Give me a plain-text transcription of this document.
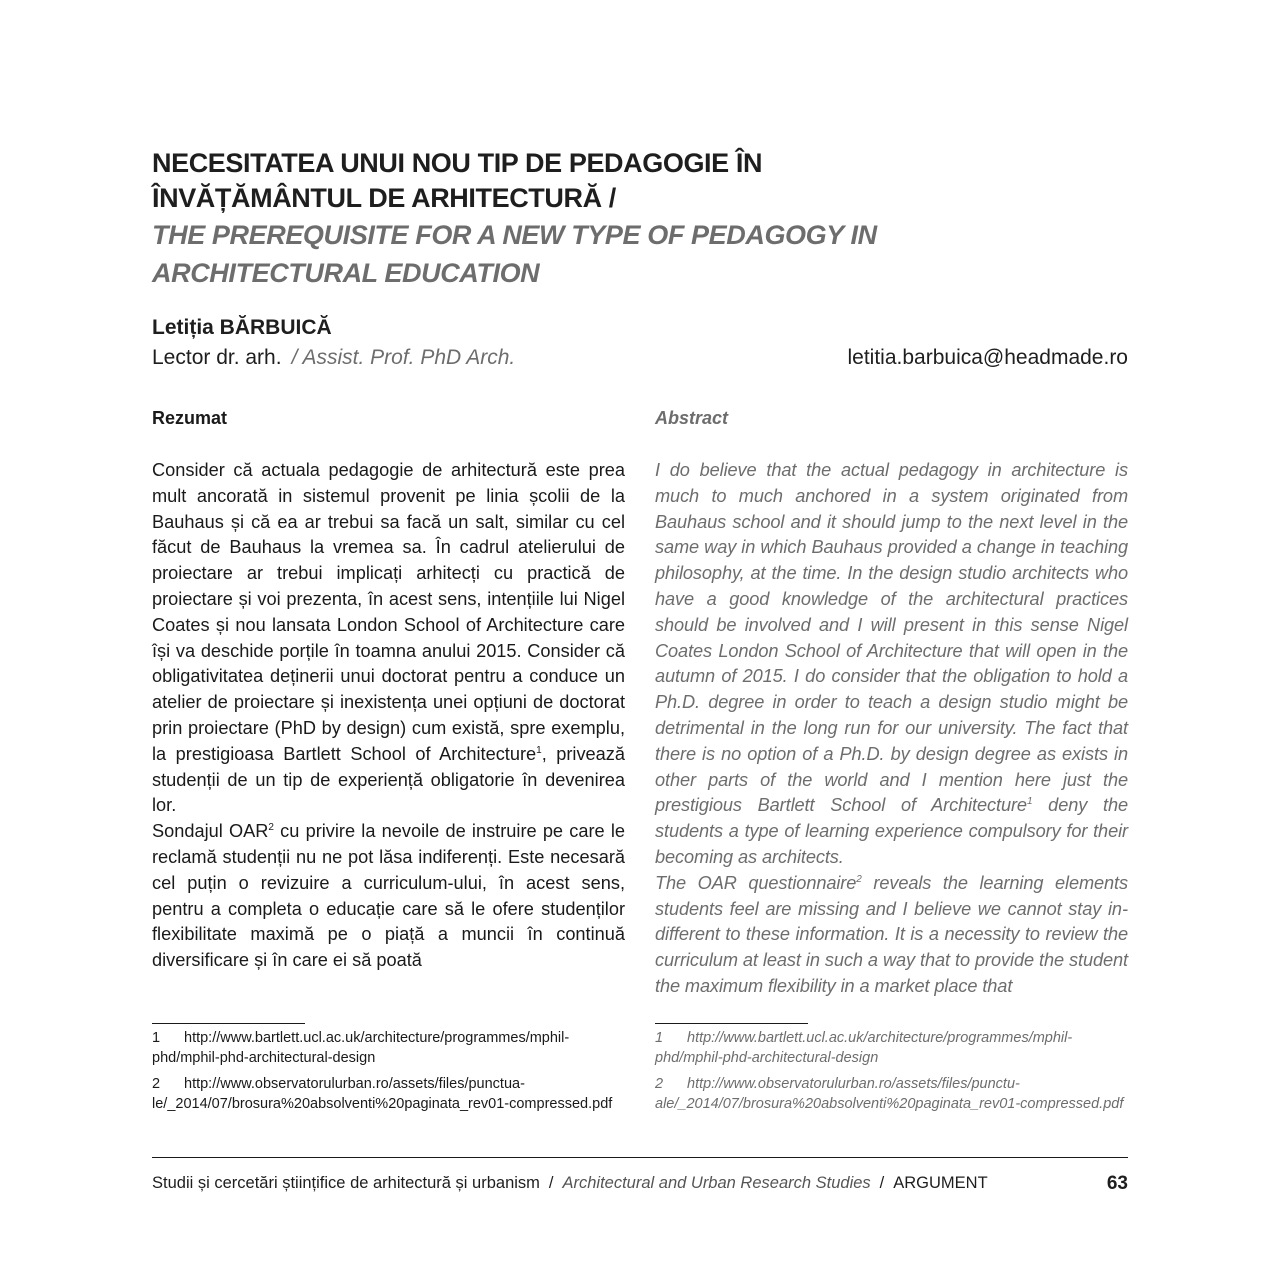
NECESITATEA UNUI NOU TIP DE PEDAGOGIE ÎN
ÎNVĂȚĂMÂNTUL DE ARHITECTURĂ /
THE PREREQUISITE FOR A NEW TYPE OF PEDAGOGY IN
ARCHITECTURAL EDUCATION
Letiția BĂRBUICĂ
Lector dr. arh. / Assist. Prof. PhD Arch.	letitia.barbuica@headmade.ro
Rezumat

Consider că actuala pedagogie de arhitectură este prea mult ancorată in sistemul provenit pe linia școlii de la Bauhaus și că ea ar trebui sa facă un salt, similar cu cel făcut de Bauhaus la vremea sa. În cadrul atelierului de proiectare ar trebui implicați arhitecți cu practică de proiectare și voi prezenta, în acest sens, intențiile lui Nigel Coates și nou lansata London School of Architecture care își va deschide porțile în toamna anului 2015. Consider că obligativitatea deținerii unui doctorat pentru a conduce un atelier de proiectare și inexistența unei opțiuni de doctorat prin proiectare (PhD by design) cum există, spre exemplu, la prestigioasa Bartlett School of Architecture$^1$, privează studenții de un tip de experiență obligatorie în devenirea lor.

Sondajul OAR$^2$ cu privire la nevoile de instruire pe care le reclamă studenții nu ne pot lăsa indiferenți. Este necesară cel puțin o revizuire a curriculum-ului, în acest sens, pentru a completa o educație care să le ofere studenților flexibilitate maximă pe o piață a muncii în continuă diversificare și în care ei să poată

Abstract

I do believe that the actual pedagogy in architecture is much to much anchored in a system originated from Bauhaus school and it should jump to the next level in the same way in which Bauhaus provided a change in teaching philosophy, at the time. In the design studio architects who have a good knowledge of the architectural practices should be involved and I will present in this sense Nigel Coates London School of Architecture that will open in the autumn of 2015. I do consider that the obligation to hold a Ph.D. degree in order to teach a design studio might be detrimental in the long run for our university. The fact that there is no option of a Ph.D. by design degree as exists in other parts of the world and I mention here just the prestigious Bartlett School of Architecture$^1$ deny the students a type of learning experience compulsory for their becoming as architects.

The OAR questionnaire$^2$ reveals the learning elements students feel are missing and I believe we cannot stay indifferent to these information. It is a necessity to review the curriculum at least in such a way that to provide the student the maximum flexibility in a market place that

1 http://www.bartlett.ucl.ac.uk/architecture/programmes/mphil-phd/mphil-phd-architectural-design
2 http://www.observatorulurban.ro/assets/files/punctuale/_2014/07/brosura%20absolventi%20paginata_rev01-compressed.pdf
1 http://www.bartlett.ucl.ac.uk/architecture/programmes/mphil-phd/mphil-phd-architectural-design
2 http://www.observatorulurban.ro/assets/files/punctuale/_2014/07/brosura%20absolventi%20paginata_rev01-compressed.pdf
Studii și cercetări științifice de arhitectură și urbanism / Architectural and Urban Research Studies / ARGUMENT	63
